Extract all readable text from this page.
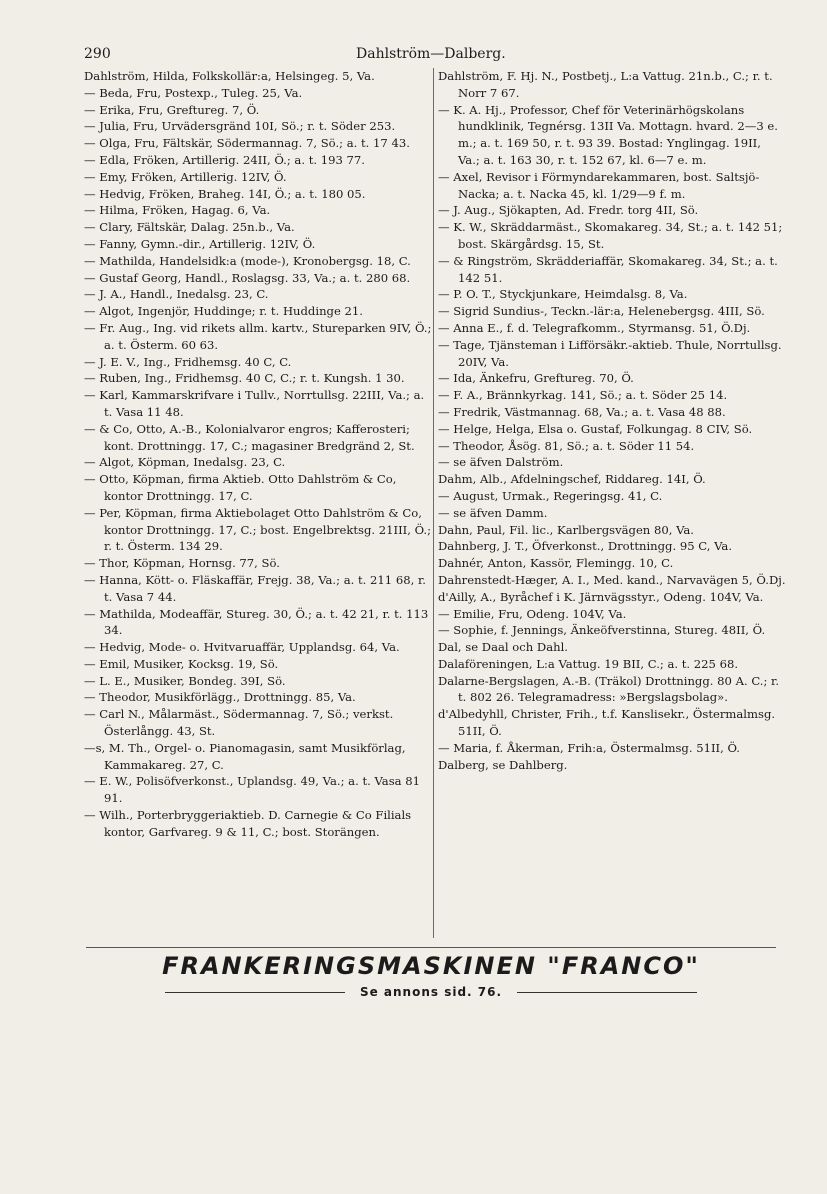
290	Dahlström—Dalberg.

Dahlström, Hilda, Folkskollär:a, Helsingeg. 5, Va.

— Beda, Fru, Postexp., Tuleg. 25, Va.

— Erika, Fru, Greftureg. 7, Ö.

— Julia, Fru, Urvädersgränd 10I, Sö.; r. t. Söder 253.

— Olga, Fru, Fältskär, Södermannag. 7, Sö.; a. t. 17 43.

— Edla, Fröken, Artillerig. 24II, Ö.; a. t. 193 77.

— Emy, Fröken, Artillerig. 12IV, Ö.

— Hedvig, Fröken, Braheg. 14I, Ö.; a. t. 180 05.

— Hilma, Fröken, Hagag. 6, Va.

— Clary, Fältskär, Dalag. 25n.b., Va.

— Fanny, Gymn.-dir., Artillerig. 12IV, Ö.

— Mathilda, Handelsidk:a (mode-), Kronobergsg. 18, C.

— Gustaf Georg, Handl., Roslagsg. 33, Va.; a. t. 280 68.

— J. A., Handl., Inedalsg. 23, C.

— Algot, Ingenjör, Huddinge; r. t. Huddinge 21.

— Fr. Aug., Ing. vid rikets allm. kartv., Stureparken 9IV, Ö.; a. t. Österm. 60 63.

— J. E. V., Ing., Fridhemsg. 40 C, C.

— Ruben, Ing., Fridhemsg. 40 C, C.; r. t. Kungsh. 1 30.

— Karl, Kammarskrifvare i Tullv., Norrtullsg. 22III, Va.; a. t. Vasa 11 48.

— & Co, Otto, A.-B., Kolonialvaror engros; Kafferosteri; kont. Drottningg. 17, C.; magasiner Bredgränd 2, St.

— Algot, Köpman, Inedalsg. 23, C.

— Otto, Köpman, firma Aktieb. Otto Dahlström & Co, kontor Drottningg. 17, C.

— Per, Köpman, firma Aktiebolaget Otto Dahlström & Co, kontor Drottningg. 17, C.; bost. Engelbrektsg. 21III, Ö.; r. t. Österm. 134 29.

— Thor, Köpman, Hornsg. 77, Sö.

— Hanna, Kött- o. Fläskaffär, Frejg. 38, Va.; a. t. 211 68, r. t. Vasa 7 44.

— Mathilda, Modeaffär, Stureg. 30, Ö.; a. t. 42 21, r. t. 113 34.

— Hedvig, Mode- o. Hvitvaruaffär, Upplandsg. 64, Va.

— Emil, Musiker, Kocksg. 19, Sö.

— L. E., Musiker, Bondeg. 39I, Sö.

— Theodor, Musikförlägg., Drottningg. 85, Va.

— Carl N., Målarmäst., Södermannag. 7, Sö.; verkst. Österlångg. 43, St.

—s, M. Th., Orgel- o. Pianomagasin, samt Musikförlag, Kammakareg. 27, C.

— E. W., Polisöfverkonst., Uplandsg. 49, Va.; a. t. Vasa 81 91.

— Wilh., Porterbryggeriaktieb. D. Carnegie & Co Filials kontor, Garfvareg. 9 & 11, C.; bost. Storängen.

Dahlström, F. Hj. N., Postbetj., L:a Vattug. 21n.b., C.; r. t. Norr 7 67.

— K. A. Hj., Professor, Chef för Veterinärhögskolans hundklinik, Tegnérsg. 13II Va. Mottagn. hvard. 2—3 e. m.; a. t. 169 50, r. t. 93 39. Bostad: Ynglingag. 19II, Va.; a. t. 163 30, r. t. 152 67, kl. 6—7 e. m.

— Axel, Revisor i Förmyndarekammaren, bost. Saltsjö-Nacka; a. t. Nacka 45, kl. 1/29—9 f. m.

— J. Aug., Sjökapten, Ad. Fredr. torg 4II, Sö.

— K. W., Skräddarmäst., Skomakareg. 34, St.; a. t. 142 51; bost. Skärgårdsg. 15, St.

— & Ringström, Skrädderiaffär, Skomakareg. 34, St.; a. t. 142 51.

— P. O. T., Styckjunkare, Heimdalsg. 8, Va.

— Sigrid Sundius-, Teckn.-lär:a, Helenebergsg. 4III, Sö.

— Anna E., f. d. Telegrafkomm., Styrmansg. 51, Ö.Dj.

— Tage, Tjänsteman i Lifförsäkr.-aktieb. Thule, Norrtullsg. 20IV, Va.

— Ida, Änkefru, Greftureg. 70, Ö.

— F. A., Brännkyrkag. 141, Sö.; a. t. Söder 25 14.

— Fredrik, Västmannag. 68, Va.; a. t. Vasa 48 88.

— Helge, Helga, Elsa o. Gustaf, Folkungag. 8 CIV, Sö.

— Theodor, Åsög. 81, Sö.; a. t. Söder 11 54.

— se äfven Dalström.

Dahm, Alb., Afdelningschef, Riddareg. 14I, Ö.

— August, Urmak., Regeringsg. 41, C.

— se äfven Damm.

Dahn, Paul, Fil. lic., Karlbergsvägen 80, Va.

Dahnberg, J. T., Öfverkonst., Drottningg. 95 C, Va.

Dahnér, Anton, Kassör, Flemingg. 10, C.

Dahrenstedt-Hæger, A. I., Med. kand., Narvavägen 5, Ö.Dj.

d'Ailly, A., Byråchef i K. Järnvägsstyr., Odeng. 104V, Va.

— Emilie, Fru, Odeng. 104V, Va.

— Sophie, f. Jennings, Änkeöfverstinna, Stureg. 48II, Ö.

Dal, se Daal och Dahl.

Dalaföreningen, L:a Vattug. 19 BII, C.; a. t. 225 68.

Dalarne-Bergslagen, A.-B. (Träkol) Drottningg. 80 A. C.; r. t. 802 26. Telegramadress: »Bergslagsbolag».

d'Albedyhll, Christer, Frih., t.f. Kanslisekr., Östermalmsg. 51II, Ö.

— Maria, f. Åkerman, Frih:a, Östermalmsg. 51II, Ö.

Dalberg, se Dahlberg.

FRANKERINGSMASKINEN "FRANCO"
Se annons sid. 76.
